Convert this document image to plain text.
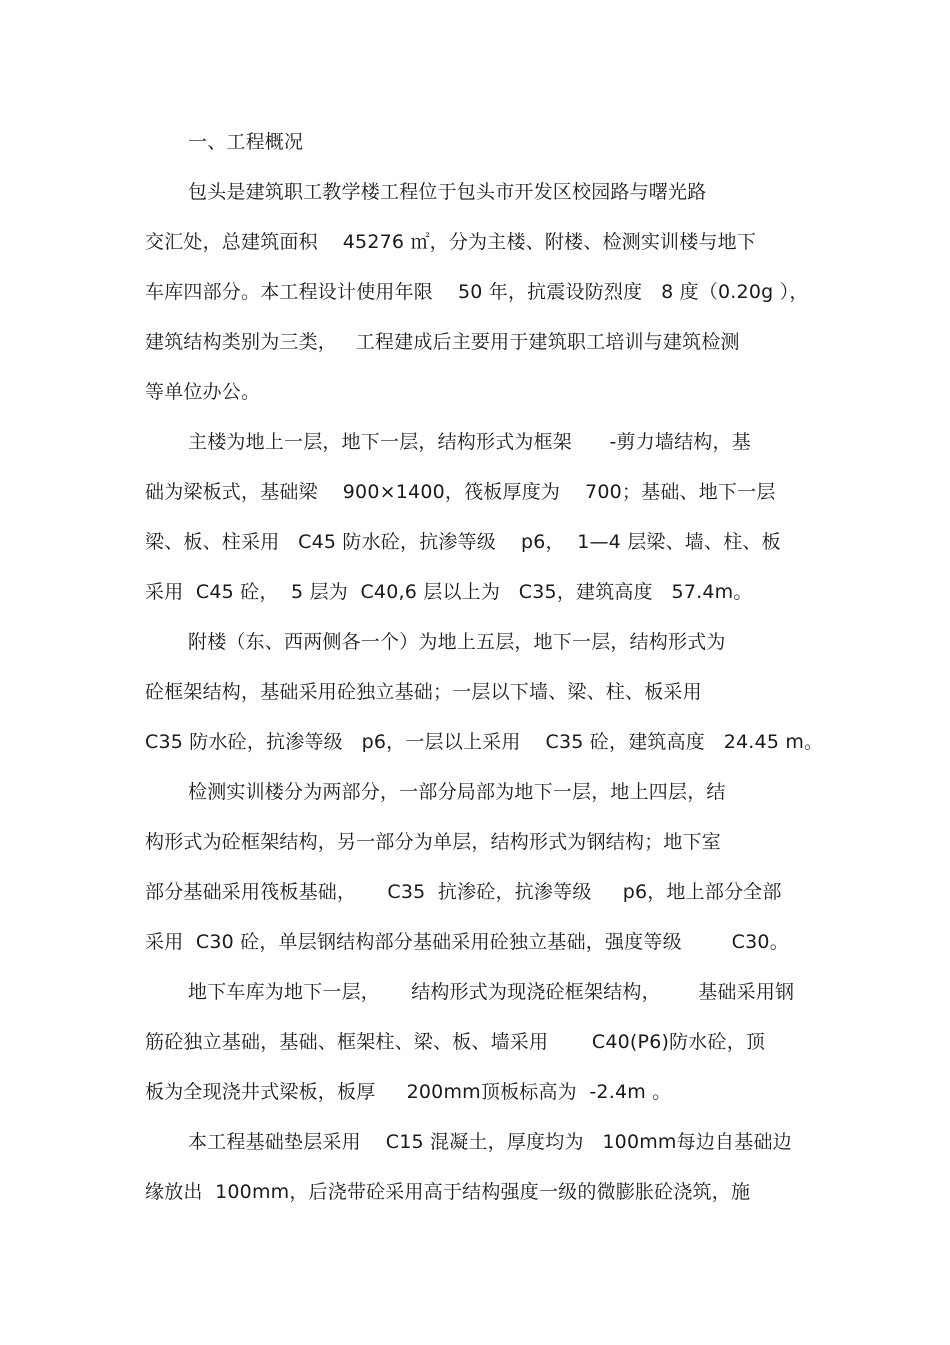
一、工程概况
包头是建筑职工教学楼工程位于包头市开发区校园路与曙光路
交汇处，总建筑面积    45276 ㎡，分为主楼、附楼、检测实训楼与地下
车库四部分。本工程设计使用年限    50 年，抗震设防烈度   8 度（0.20g ），
建筑结构类别为三类，   工程建成后主要用于建筑职工培训与建筑检测
等单位办公。
主楼为地上一层，地下一层，结构形式为框架      -剪力墙结构，基
础为梁板式，基础梁    900×1400，筏板厚度为    700；基础、地下一层
梁、板、柱采用   C45 防水砼，抗渗等级    p6，  1—4 层梁、墙、柱、板
采用  C45 砼，  5 层为  C40,6 层以上为   C35，建筑高度   57.4m。
附楼（东、西两侧各一个）为地上五层，地下一层，结构形式为
砼框架结构，基础采用砼独立基础；一层以下墙、梁、柱、板采用
C35 防水砼，抗渗等级   p6，一层以上采用    C35 砼，建筑高度   24.45 m。
检测实训楼分为两部分，一部分局部为地下一层，地上四层，结
构形式为砼框架结构，另一部分为单层，结构形式为钢结构；地下室
部分基础采用筏板基础，     C35  抗渗砼，抗渗等级     p6，地上部分全部
采用  C30 砼，单层钢结构部分基础采用砼独立基础，强度等级        C30。
地下车库为地下一层，     结构形式为现浇砼框架结构，      基础采用钢
筋砼独立基础，基础、框架柱、梁、板、墙采用       C40(P6)防水砼，顶
板为全现浇井式梁板，板厚     200mm顶板标高为  -2.4m 。
本工程基础垫层采用    C15 混凝土，厚度均为   100mm每边自基础边
缘放出  100mm，后浇带砼采用高于结构强度一级的微膨胀砼浇筑，施
